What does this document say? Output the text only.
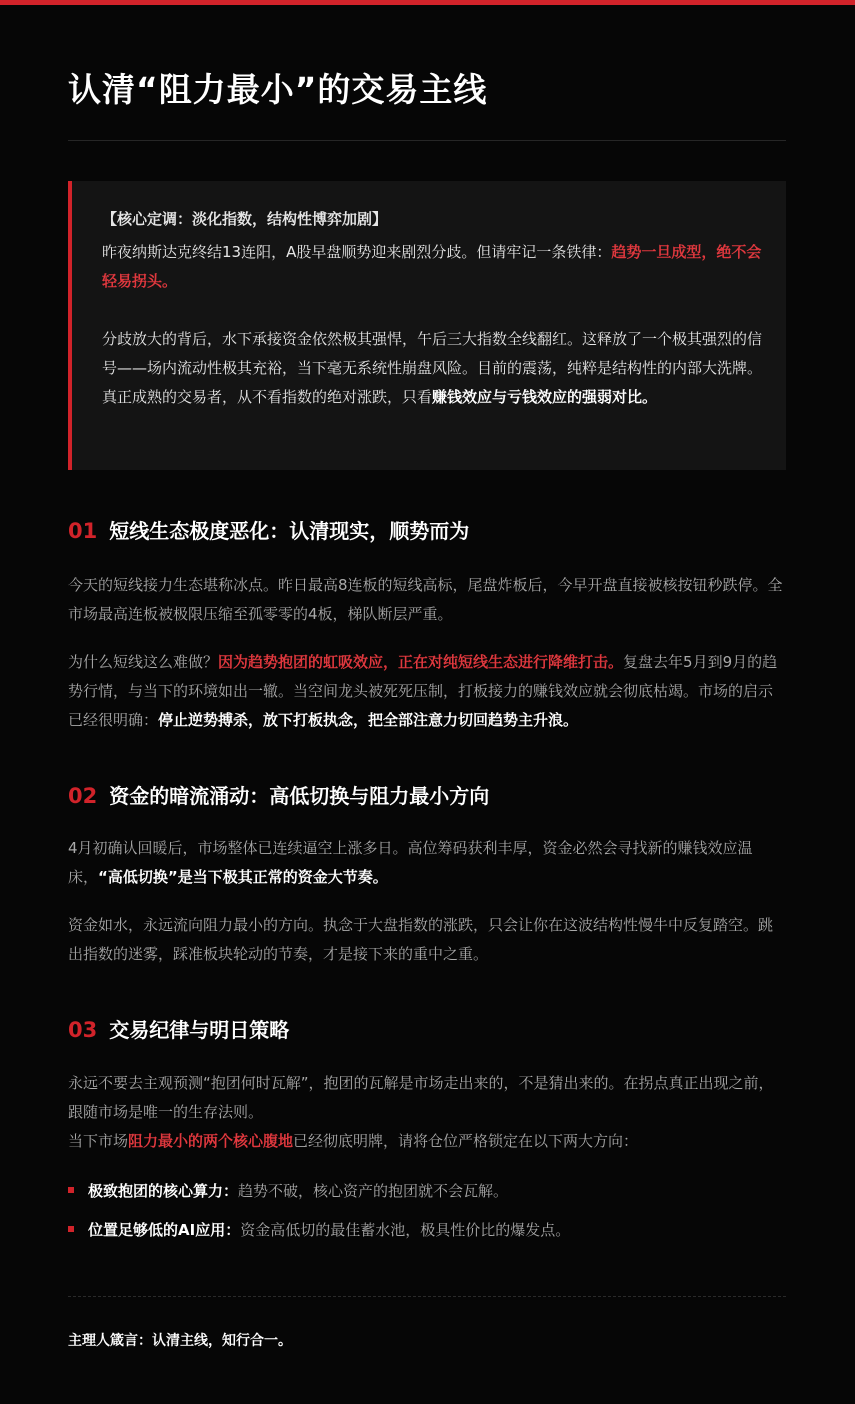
认清“阻力最小”的交易主线

【核心定调：淡化指数，结构性博弈加剧】

昨夜纳斯达克终结13连阳，A股早盘顺势迎来剧烈分歧。但请牢记一条铁律：趋势一旦成型，绝不会轻易拐头。

分歧放大的背后，水下承接资金依然极其强悍，午后三大指数全线翻红。这释放了一个极其强烈的信号——场内流动性极其充裕，当下毫无系统性崩盘风险。目前的震荡，纯粹是结构性的内部大洗牌。真正成熟的交易者，从不看指数的绝对涨跌，只看赚钱效应与亏钱效应的强弱对比。

01 短线生态极度恶化：认清现实，顺势而为

今天的短线接力生态堪称冰点。昨日最高8连板的短线高标，尾盘炸板后，今早开盘直接被核按钮秒跌停。全市场最高连板被极限压缩至孤零零的4板，梯队断层严重。

为什么短线这么难做？因为趋势抱团的虹吸效应，正在对纯短线生态进行降维打击。复盘去年5月到9月的趋势行情，与当下的环境如出一辙。当空间龙头被死死压制，打板接力的赚钱效应就会彻底枯竭。市场的启示已经很明确：停止逆势搏杀，放下打板执念，把全部注意力切回趋势主升浪。

02 资金的暗流涌动：高低切换与阻力最小方向

4月初确认回暖后，市场整体已连续逼空上涨多日。高位筹码获利丰厚，资金必然会寻找新的赚钱效应温床，“高低切换”是当下极其正常的资金大节奏。

资金如水，永远流向阻力最小的方向。执念于大盘指数的涨跌，只会让你在这波结构性慢牛中反复踏空。跳出指数的迷雾，踩准板块轮动的节奏，才是接下来的重中之重。

03 交易纪律与明日策略

永远不要去主观预测“抱团何时瓦解”，抱团的瓦解是市场走出来的，不是猜出来的。在拐点真正出现之前，跟随市场是唯一的生存法则。

当下市场阻力最小的两个核心腹地已经彻底明牌，请将仓位严格锁定在以下两大方向：

极致抱团的核心算力：趋势不破，核心资产的抱团就不会瓦解。
位置足够低的AI应用：资金高低切的最佳蓄水池，极具性价比的爆发点。
主理人箴言：认清主线，知行合一。
